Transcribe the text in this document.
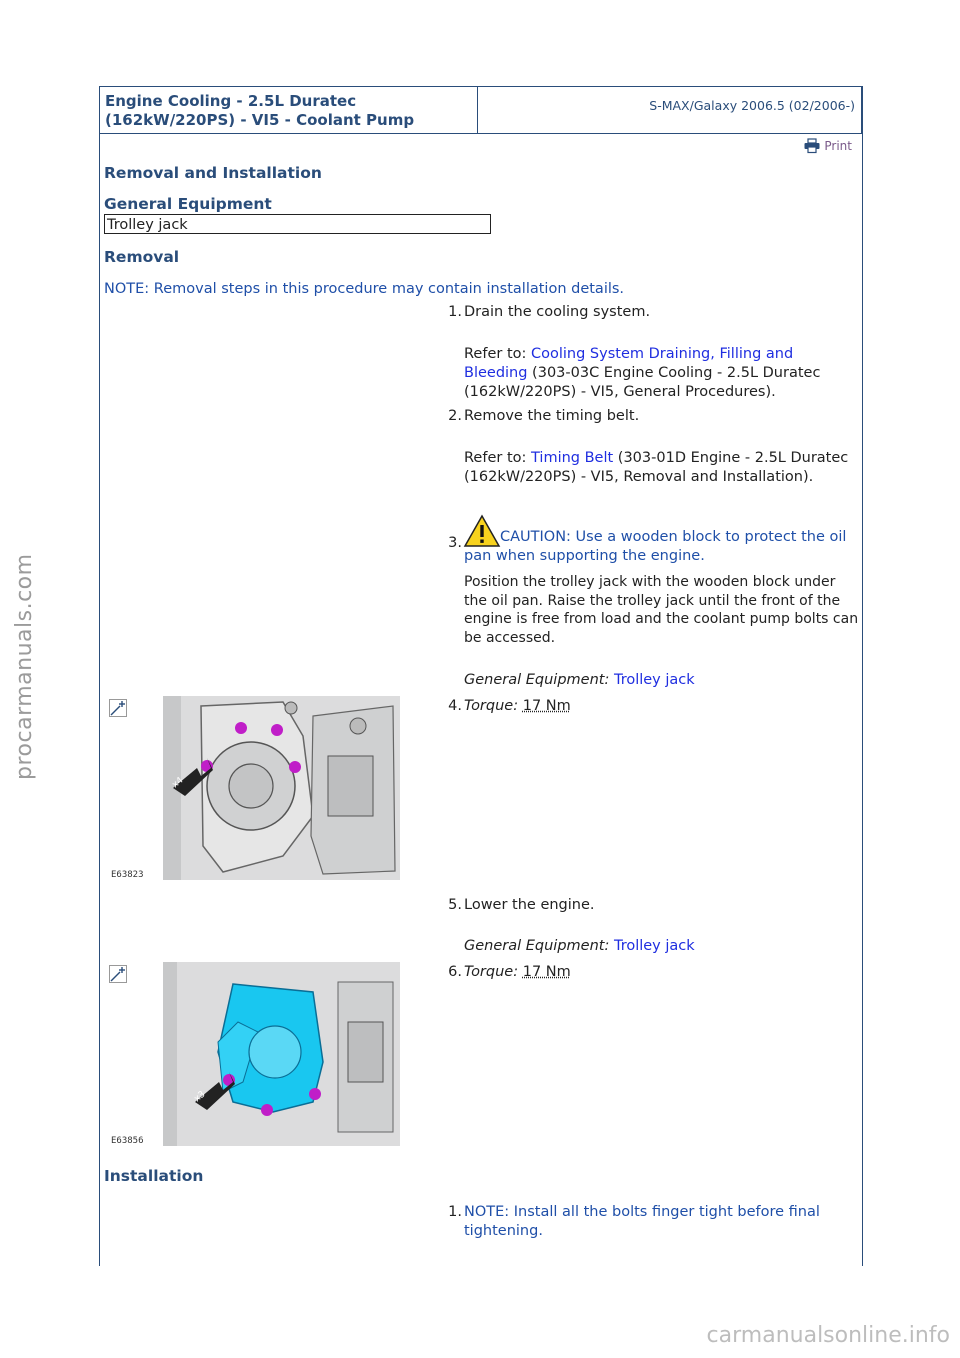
Engine Cooling - 2.5L Duratec
(162kW/220PS) - VI5 - Coolant Pump
S-MAX/Galaxy 2006.5 (02/2006-)
Print
Removal and Installation
General Equipment
Trolley jack
Removal
NOTE: Removal steps in this procedure may contain installation details.
1. Drain the cooling system.
Refer to: Cooling System Draining, Filling and Bleeding (303-03C Engine Cooling - 2.5L Duratec (162kW/220PS) - VI5, General Procedures).
2. Remove the timing belt.
Refer to: Timing Belt (303-01D Engine - 2.5L Duratec (162kW/220PS) - VI5, Removal and Installation).
3.	CAUTION: Use a wooden block to protect the oil pan when supporting the engine.
Position the trolley jack with the wooden block under the oil pan. Raise the trolley jack until the front of the engine is free from load and the coolant pump bolts can be accessed.
General Equipment: Trolley jack
x4
E63823
4. Torque: 17 Nm
5. Lower the engine.
General Equipment: Trolley jack
x3
E63856
6. Torque: 17 Nm
Installation
1. NOTE: Install all the bolts finger tight before final tightening.
procarmanuals.com
carmanualsonline.info
